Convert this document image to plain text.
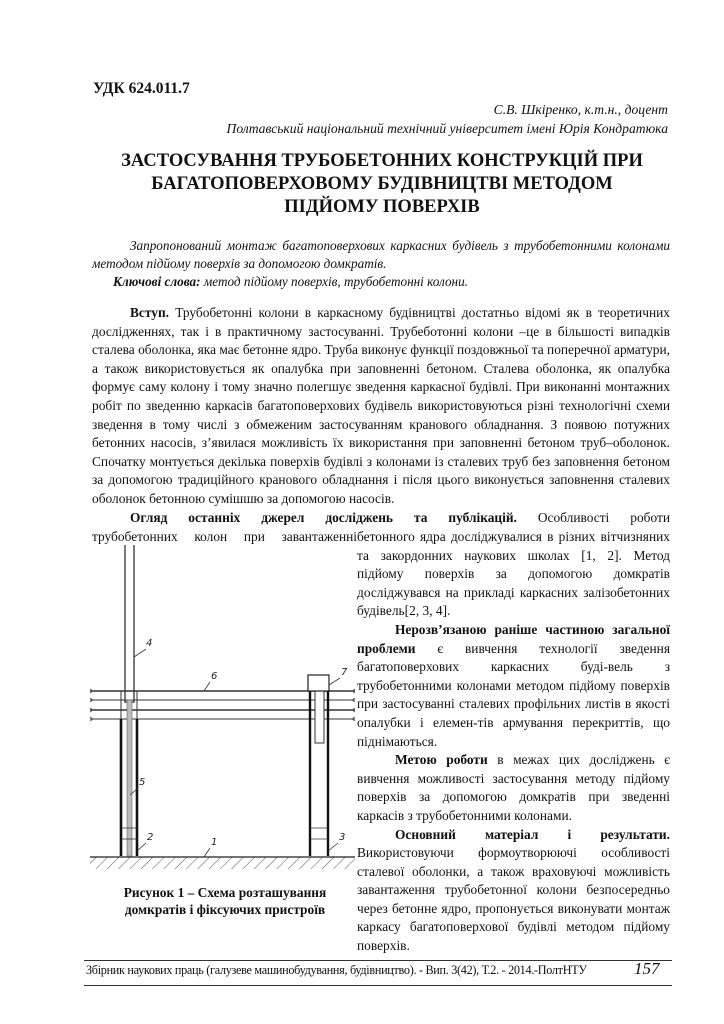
УДК 624.011.7
С.В. Шкіренко, к.т.н., доцент
Полтавський національний технічний університет імені Юрія Кондратюка
ЗАСТОСУВАННЯ ТРУБОБЕТОННИХ КОНСТРУКЦІЙ ПРИ
БАГАТОПОВЕРХОВОМУ БУДІВНИЦТВІ МЕТОДОМ
ПІДЙОМУ ПОВЕРХІВ

Запропонований монтаж багатоповерхових каркасних будівель з трубобетонними колонами методом підйому поверхів за допомогою домкратів.

Ключові слова: метод підйому поверхів, трубобетонні колони.

Вступ. Трубобетонні колони в каркасному будівництві достатньо відомі як в теоретичних дослідженнях, так і в практичному застосуванні. Трубеботонні колони –це в більшості випадків сталева оболонка, яка має бетонне ядро. Труба виконує функції поздовжньої та поперечної арматури, а також використовується як опалубка при заповненні бетоном. Сталева оболонка, як опалубка формує саму колону і тому значно полегшує зведення каркасної будівлі. При виконанні монтажних робіт по зведенню каркасів багатоповерхових будівель використовуються різні технологічні схеми зведення в тому числі з обмеженим застосуванням кранового обладнання. З появою потужних бетонних насосів, з’явилася можливість їх використання при заповненні бетоном труб–оболонок. Спочатку монтується декілька поверхів будівлі з колонами із сталевих труб без заповнення бетоном за допомогою традиційного кранового обладнання і після цього виконується заповнення сталевих оболонок бетонною сумішшю за допомогою насосів.

Огляд останніх джерел досліджень та публікацій. Особливості роботи

трубобетонних колон при завантаженні бетонного ядра досліджувалися в різних вітчизняних та закордонних наукових школах [1, 2]. Метод підйому поверхів за допомогою домкратів досліджувався на прикладі каркасних залізобетонних будівель[2, 3, 4].

Нерозв’язаною раніше частиною загальної проблеми є вивчення технології зведення багатоповерхових каркасних буді-вель з трубобетонними колонами методом підйому поверхів при застосуванні сталевих профільних листів в якості опалубки і елемен-тів армування перекриттів, що піднімаються.

Метою роботи в межах цих досліджень є вивчення можливості застосування методу підйому поверхів за допомогою домкратів при зведенні каркасів з трубобетонними колонами.

Основний матеріал і результати.

Використовуючи формоутворюючі особливості сталевої оболонки, а також враховуючі можливість завантаження трубобетонної колони безпосередньо через бетонне ядро, пропонується виконувати монтаж каркасу багатоповерхової будівлі методом підйому поверхів.

4
6	7
5
2	1	3
Рисунок 1 – Схема розташування
домкратів і фіксуючих пристроїв
Збірник наукових праць (галузеве машинобудування, будівництво). - Вип. 3(42), Т.2. - 2014.-ПолтНТУ	157
